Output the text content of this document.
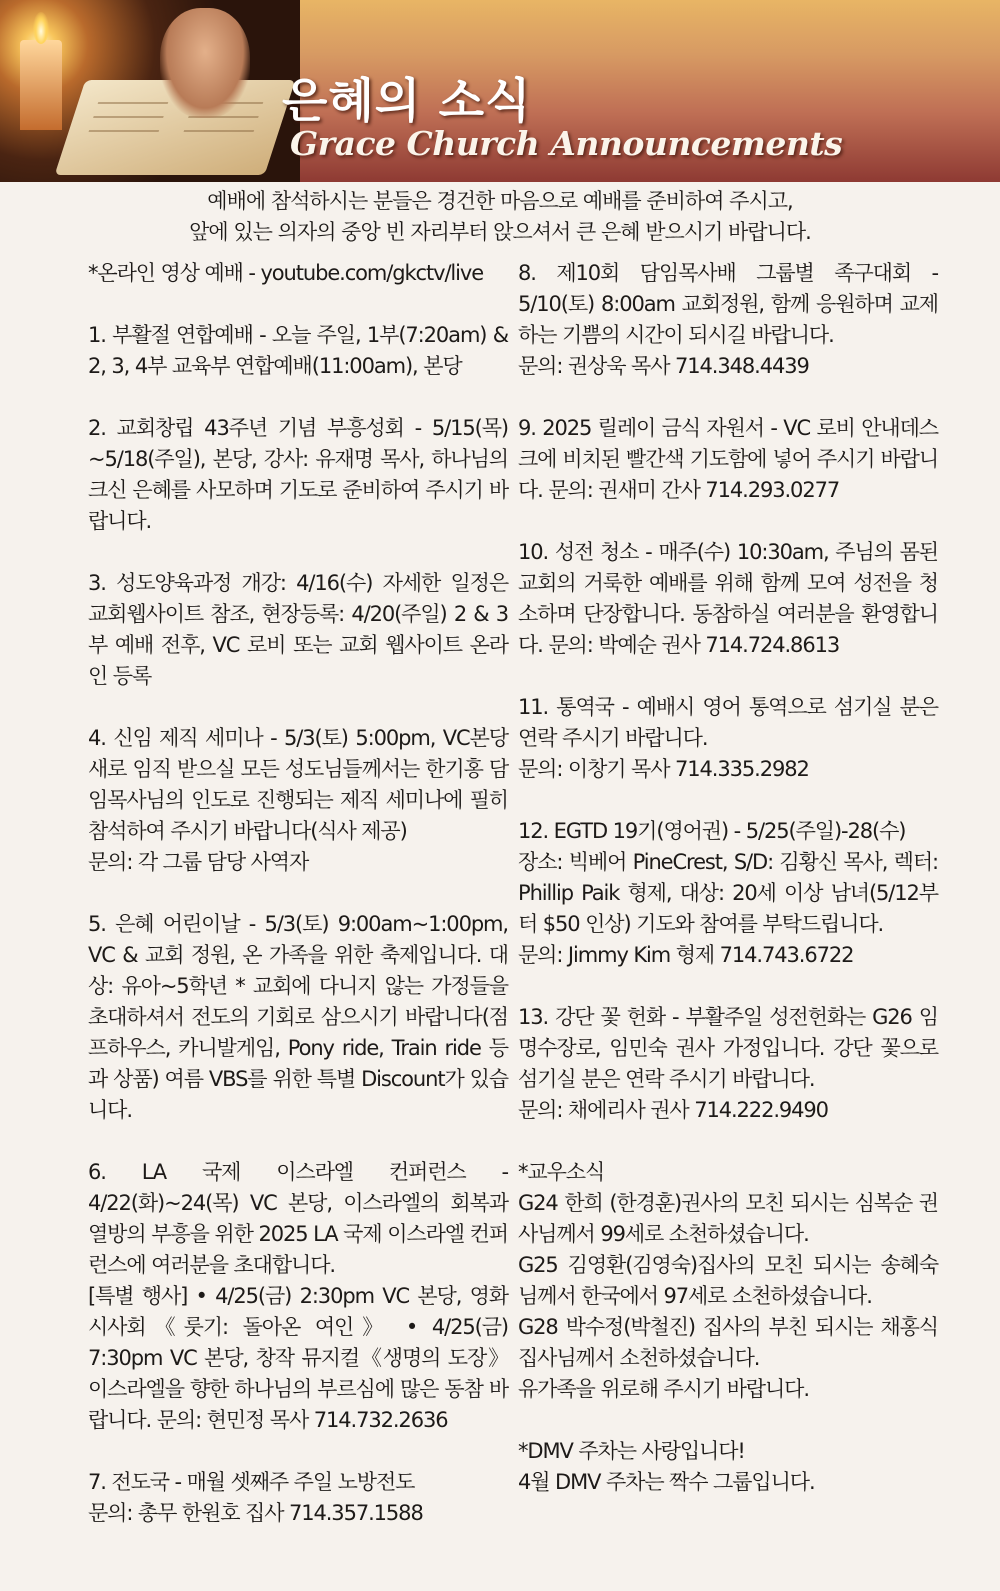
은혜의 소식
Grace Church Announcements
예배에 참석하시는 분들은 경건한 마음으로 예배를 준비하여 주시고,
앞에 있는 의자의 중앙 빈 자리부터 앉으셔서 큰 은혜 받으시기 바랍니다.

*온라인 영상 예배 - youtube.com/gkctv/live

1. 부활절 연합예배 - 오늘 주일, 1부(7:20am) & 2, 3, 4부 교육부 연합예배(11:00am), 본당

2. 교회창립 43주년 기념 부흥성회 - 5/15(목) ~5/18(주일), 본당, 강사: 유재명 목사, 하나님의 크신 은혜를 사모하며 기도로 준비하여 주시기 바랍니다.

3. 성도양육과정 개강: 4/16(수) 자세한 일정은 교회웹사이트 참조, 현장등록: 4/20(주일) 2 & 3부 예배 전후, VC 로비 또는 교회 웹사이트 온라인 등록

4. 신임 제직 세미나 - 5/3(토) 5:00pm, VC본당 새로 임직 받으실 모든 성도님들께서는 한기홍 담임목사님의 인도로 진행되는 제직 세미나에 필히 참석하여 주시기 바랍니다(식사 제공)
문의: 각 그룹 담당 사역자

5. 은혜 어린이날 - 5/3(토) 9:00am~1:00pm, VC & 교회 정원, 온 가족을 위한 축제입니다. 대상: 유아~5학년 * 교회에 다니지 않는 가정들을 초대하셔서 전도의 기회로 삼으시기 바랍니다(점프하우스, 카니발게임, Pony ride, Train ride 등과 상품) 여름 VBS를 위한 특별 Discount가 있습니다.

6. LA 국제 이스라엘 컨퍼런스 - 4/22(화)~24(목) VC 본당, 이스라엘의 회복과 열방의 부흥을 위한 2025 LA 국제 이스라엘 컨퍼런스에 여러분을 초대합니다.
[특별 행사] • 4/25(금) 2:30pm VC 본당, 영화 시사회《룻기: 돌아온 여인》 • 4/25(금) 7:30pm VC 본당, 창작 뮤지컬《생명의 도장》 이스라엘을 향한 하나님의 부르심에 많은 동참 바랍니다. 문의: 현민정 목사 714.732.2636

7. 전도국 - 매월 셋째주 주일 노방전도
문의: 총무 한원호 집사 714.357.1588

8. 제10회 담임목사배 그룹별 족구대회 - 5/10(토) 8:00am 교회정원, 함께 응원하며 교제하는 기쁨의 시간이 되시길 바랍니다.
문의: 권상욱 목사 714.348.4439

9. 2025 릴레이 금식 자원서 - VC 로비 안내데스크에 비치된 빨간색 기도함에 넣어 주시기 바랍니다. 문의: 권새미 간사 714.293.0277

10. 성전 청소 - 매주(수) 10:30am, 주님의 몸된 교회의 거룩한 예배를 위해 함께 모여 성전을 청소하며 단장합니다. 동참하실 여러분을 환영합니다. 문의: 박예순 권사 714.724.8613

11. 통역국 - 예배시 영어 통역으로 섬기실 분은 연락 주시기 바랍니다.
문의: 이창기 목사 714.335.2982

12. EGTD 19기(영어권) - 5/25(주일)-28(수)
장소: 빅베어 PineCrest, S/D: 김황신 목사, 렉터: Phillip Paik 형제, 대상: 20세 이상 남녀(5/12부터 $50 인상) 기도와 참여를 부탁드립니다.
문의: Jimmy Kim 형제 714.743.6722

13. 강단 꽃 헌화 - 부활주일 성전헌화는 G26 임명수장로, 임민숙 권사 가정입니다. 강단 꽃으로 섬기실 분은 연락 주시기 바랍니다.
문의: 채에리사 권사 714.222.9490

*교우소식
G24 한희 (한경훈)권사의 모친 되시는 심복순 권사님께서 99세로 소천하셨습니다.
G25 김영환(김영숙)집사의 모친 되시는 송혜숙님께서 한국에서 97세로 소천하셨습니다.
G28 박수정(박철진) 집사의 부친 되시는 채홍식 집사님께서 소천하셨습니다.
유가족을 위로해 주시기 바랍니다.

*DMV 주차는 사랑입니다!
4월 DMV 주차는 짝수 그룹입니다.
